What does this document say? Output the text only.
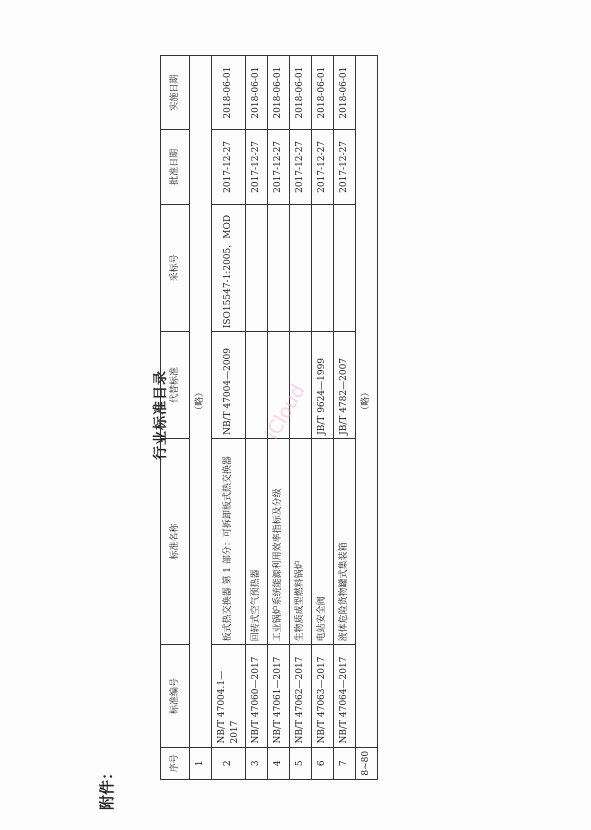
附件：
行业标准目录
序号	标准编号	标准名称	代替标准	采标号	批准日期	实施日期
1	（略）					
2	NB/T 47004.1—2017	板式热交换器 第 1 部分：可拆卸板式热交换器	NB/T 47004—2009	ISO15547-1:2005，MOD	2017-12-27	2018-06-01
3	NB/T 47060—2017	回转式空气预热器			2017-12-27	2018-06-01
4	NB/T 47061—2017	工业锅炉系统能源利用效率指标及分级			2017-12-27	2018-06-01
5	NB/T 47062—2017	生物质成型燃料锅炉			2017-12-27	2018-06-01
6	NB/T 47063—2017	电站安全阀	JB/T 9624—1999		2017-12-27	2018-06-01
7	NB/T 47064—2017	液体危险货物罐式集装箱	JB/T 4782—2007		2017-12-27	2018-06-01
8~80	（略）					
iCloud
